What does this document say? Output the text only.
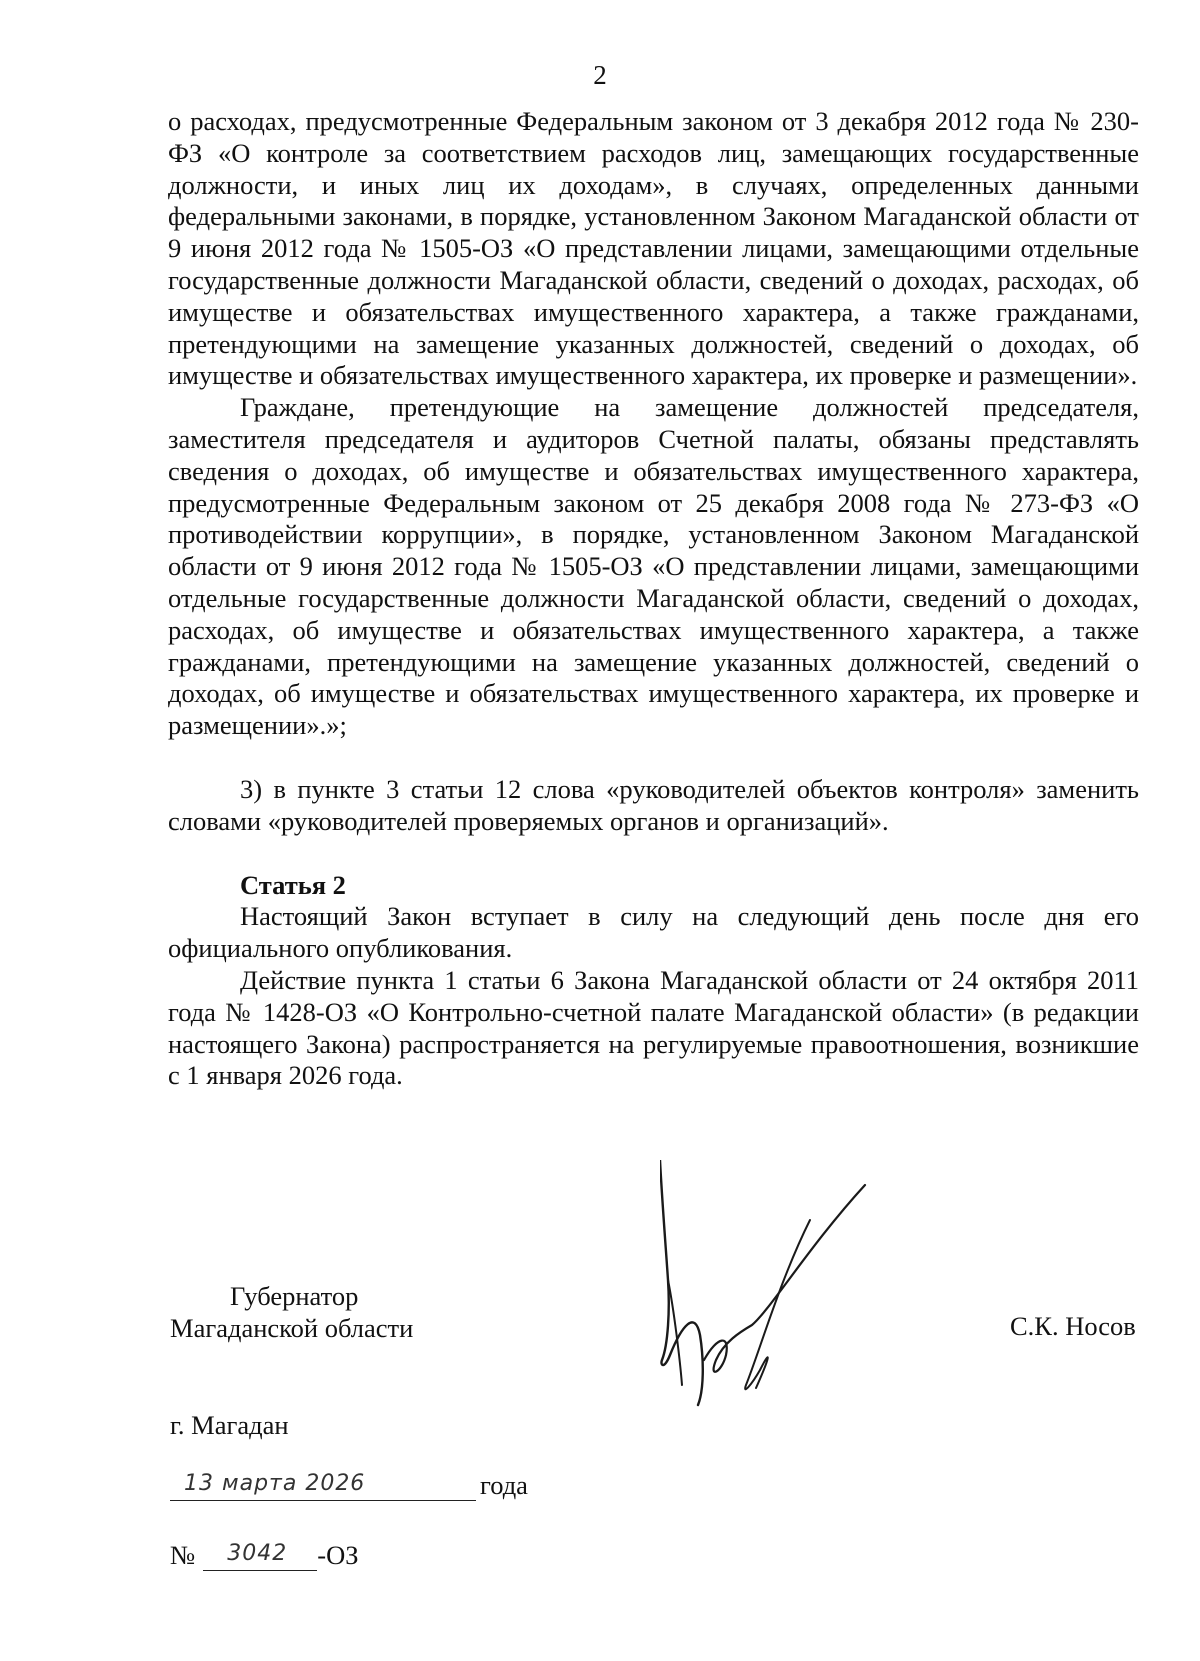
2

о расходах, предусмотренные Федеральным законом от 3 декабря 2012 года № 230-ФЗ «О контроле за соответствием расходов лиц, замещающих государственные должности, и иных лиц их доходам», в случаях, определенных данными федеральными законами, в порядке, установленном Законом Магаданской области от 9 июня 2012 года № 1505-ОЗ «О представлении лицами, замещающими отдельные государственные должности Магаданской области, сведений о доходах, расходах, об имуществе и обязательствах имущественного характера, а также гражданами, претендующими на замещение указанных должностей, сведений о доходах, об имуществе и обязательствах имущественного характера, их проверке и размещении».

Граждане, претендующие на замещение должностей председателя, заместителя председателя и аудиторов Счетной палаты, обязаны представлять сведения о доходах, об имуществе и обязательствах имущественного характера, предусмотренные Федеральным законом от 25 декабря 2008 года № 273-ФЗ «О противодействии коррупции», в порядке, установленном Законом Магаданской области от 9 июня 2012 года № 1505-ОЗ «О представлении лицами, замещающими отдельные государственные должности Магаданской области, сведений о доходах, расходах, об имуществе и обязательствах имущественного характера, а также гражданами, претендующими на замещение указанных должностей, сведений о доходах, об имуществе и обязательствах имущественного характера, их проверке и размещении».»;

3) в пункте 3 статьи 12 слова «руководителей объектов контроля» заменить словами «руководителей проверяемых органов и организаций».

Статья 2

Настоящий Закон вступает в силу на следующий день после дня его официального опубликования.

Действие пункта 1 статьи 6 Закона Магаданской области от 24 октября 2011 года № 1428-ОЗ «О Контрольно-счетной палате Магаданской области» (в редакции настоящего Закона) распространяется на регулируемые правоотношения, возникшие с 1 января 2026 года.

Губернатор
Магаданской области	С.К. Носов
г. Магадан
13 марта 2026	года
№	3042	-ОЗ
